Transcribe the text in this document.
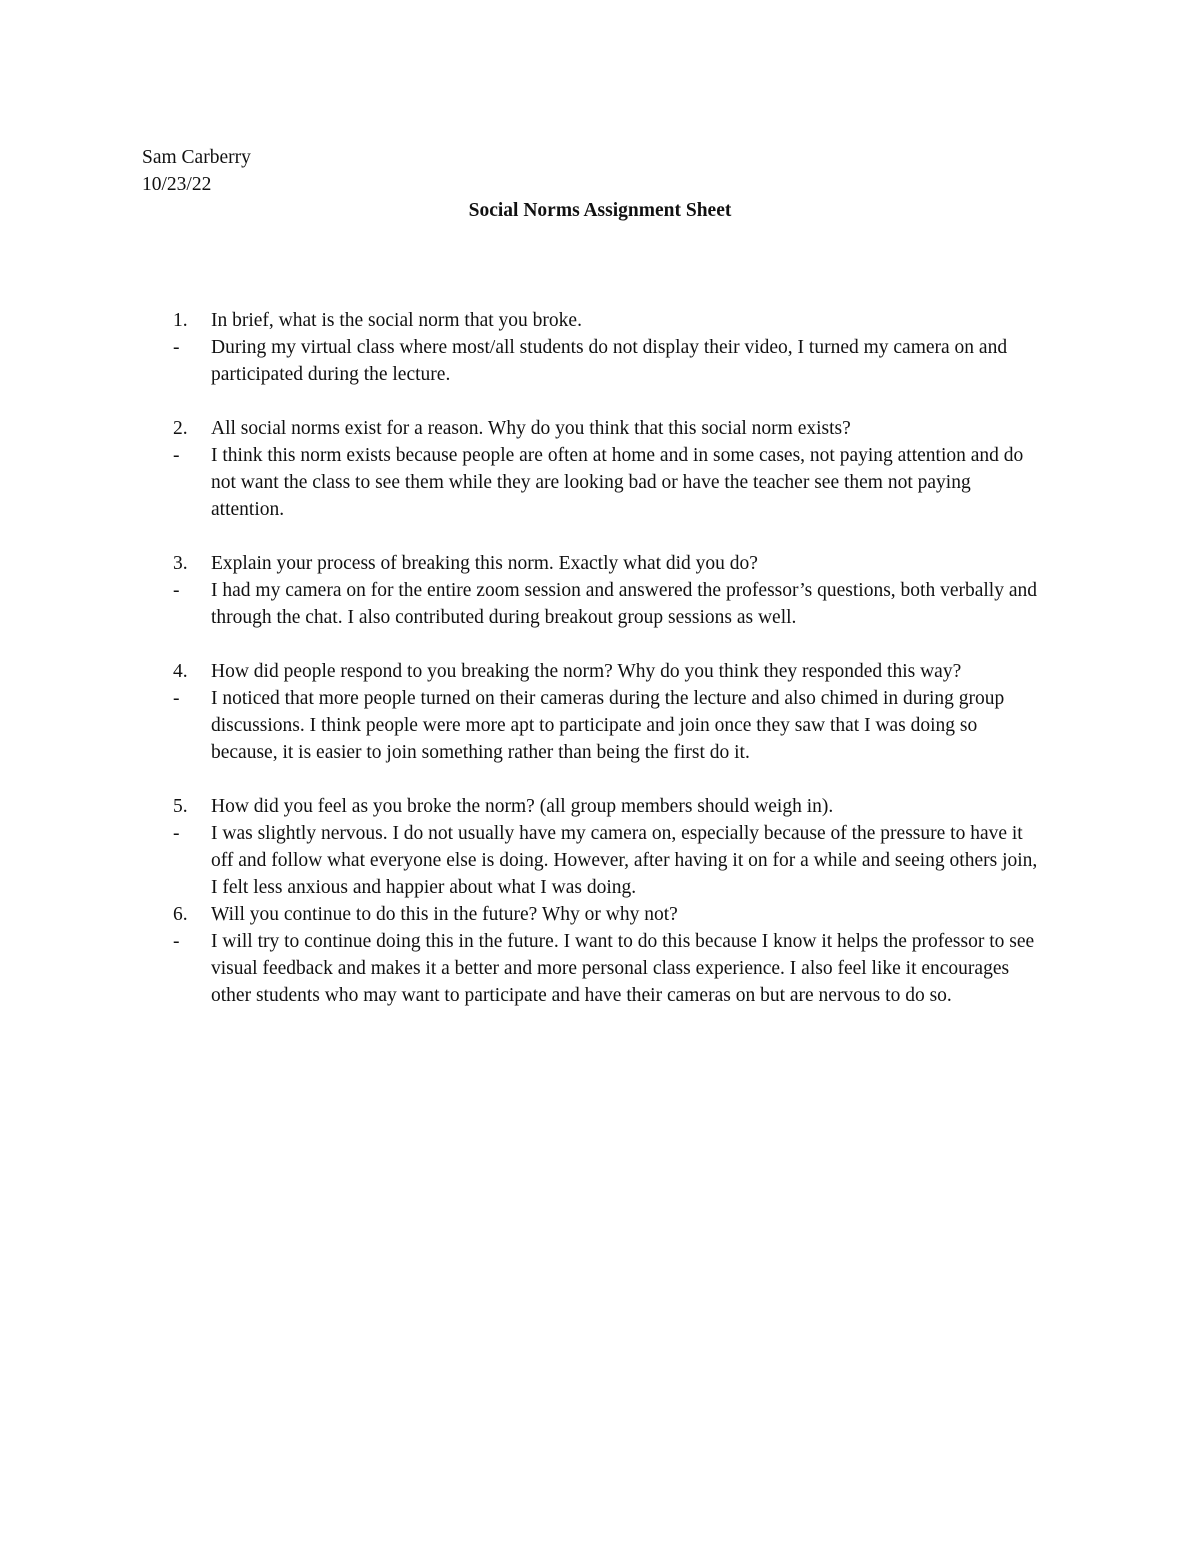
Sam Carberry
10/23/22
Social Norms Assignment Sheet
1.	In brief, what is the social norm that you broke.
-	During my virtual class where most/all students do not display their video, I turned my camera on and participated during the lecture.
2.	All social norms exist for a reason. Why do you think that this social norm exists?
-	I think this norm exists because people are often at home and in some cases, not paying attention and do not want the class to see them while they are looking bad or have the teacher see them not paying attention.
3.	Explain your process of breaking this norm. Exactly what did you do?
-	I had my camera on for the entire zoom session and answered the professor’s questions, both verbally and through the chat. I also contributed during breakout group sessions as well.
4.	How did people respond to you breaking the norm? Why do you think they responded this way?
-	I noticed that more people turned on their cameras during the lecture and also chimed in during group discussions. I think people were more apt to participate and join once they saw that I was doing so because, it is easier to join something rather than being the first do it.
5.	How did you feel as you broke the norm? (all group members should weigh in).
-	I was slightly nervous. I do not usually have my camera on, especially because of the pressure to have it off and follow what everyone else is doing. However, after having it on for a while and seeing others join, I felt less anxious and happier about what I was doing.
6.	Will you continue to do this in the future? Why or why not?
-	I will try to continue doing this in the future. I want to do this because I know it helps the professor to see visual feedback and makes it a better and more personal class experience. I also feel like it encourages other students who may want to participate and have their cameras on but are nervous to do so.
